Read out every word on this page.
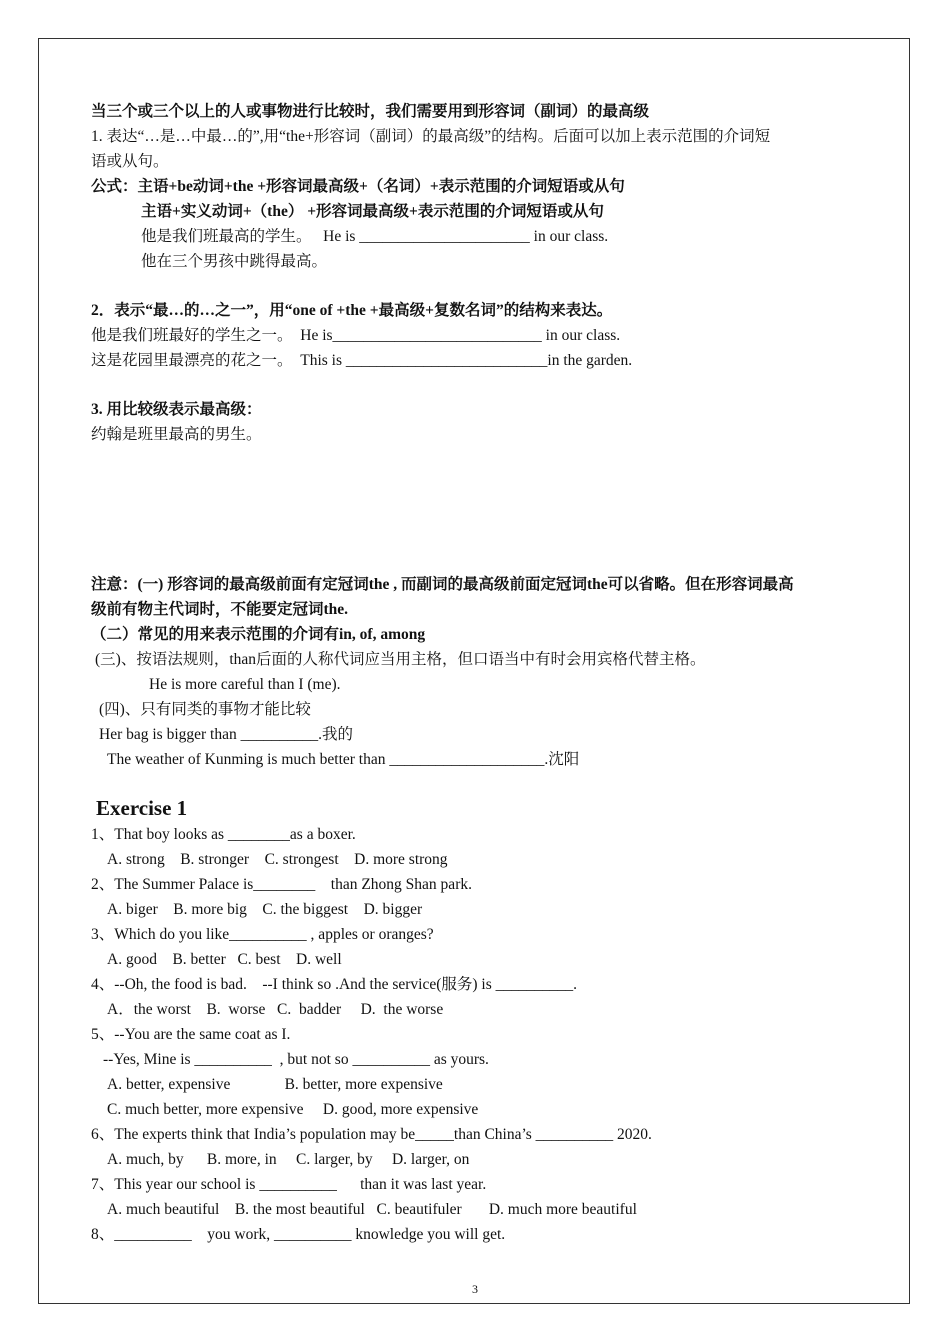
当三个或三个以上的人或事物进行比较时，我们需要用到形容词（副词）的最高级
1. 表达“…是…中最…的”,用“the+形容词（副词）的最高级”的结构。后面可以加上表示范围的介词短
语或从句。
公式：主语+be动词+the +形容词最高级+（名词）+表示范围的介词短语或从句
主语+实义动词+（the） +形容词最高级+表示范围的介词短语或从句
他是我们班最高的学生。   He is ______________________ in our class.
他在三个男孩中跳得最高。
2．表示“最…的…之一”，用“one of +the +最高级+复数名词”的结构来表达。
他是我们班最好的学生之一。  He is___________________________ in our class.
这是花园里最漂亮的花之一。  This is __________________________in the garden.
3. 用比较级表示最高级：
约翰是班里最高的男生。
注意：(一) 形容词的最高级前面有定冠词the , 而副词的最高级前面定冠词the可以省略。但在形容词最高
级前有物主代词时，不能要定冠词the.
（二）常见的用来表示范围的介词有in, of, among
(三)、按语法规则，than后面的人称代词应当用主格，但口语当中有时会用宾格代替主格。
He is more careful than I (me).
(四)、只有同类的事物才能比较
Her bag is bigger than __________.我的
The weather of Kunming is much better than ____________________.沈阳
Exercise 1
1、That boy looks as ________as a boxer.
A. strong    B. stronger    C. strongest    D. more strong
2、The Summer Palace is________    than Zhong Shan park.
A. biger    B. more big    C. the biggest    D. bigger
3、Which do you like__________ , apples or oranges?
A. good    B. better   C. best    D. well
4、--Oh, the food is bad.    --I think so .And the service(服务) is __________.
A．the worst    B.  worse   C.  badder     D.  the worse
5、--You are the same coat as I.
--Yes, Mine is __________  , but not so __________ as yours.
A. better, expensive              B. better, more expensive
C. much better, more expensive     D. good, more expensive
6、The experts think that India’s population may be_____than China’s __________ 2020.
A. much, by      B. more, in     C. larger, by     D. larger, on
7、This year our school is __________      than it was last year.
A. much beautiful    B. the most beautiful   C. beautifuler       D. much more beautiful
8、__________    you work, __________ knowledge you will get.
3
